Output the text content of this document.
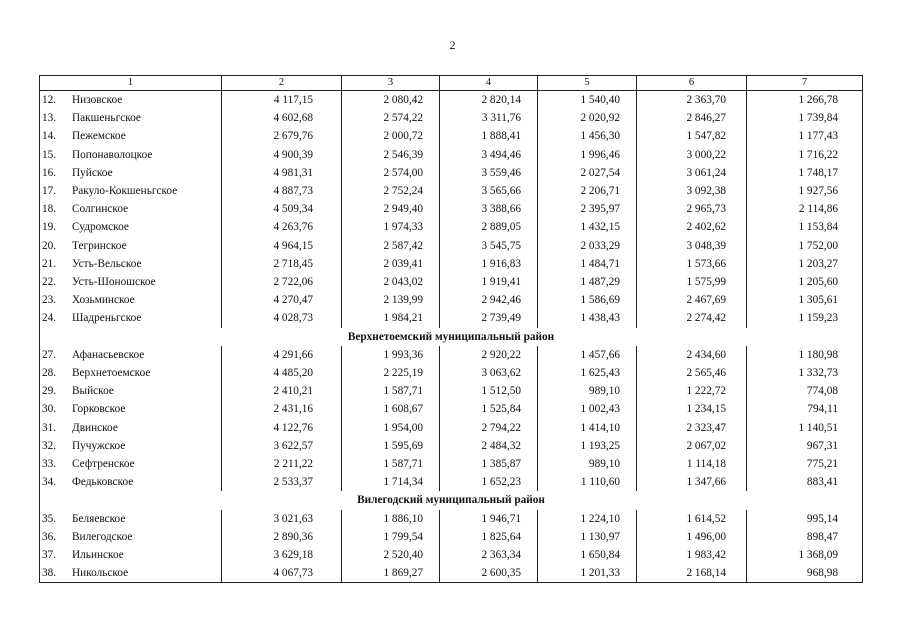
2
1	2	3	4	5	6	7
12. Низовское	4 117,15	2 080,42	2 820,14	1 540,40	2 363,70	1 266,78
13. Пакшеньгское	4 602,68	2 574,22	3 311,76	2 020,92	2 846,27	1 739,84
14. Пежемское	2 679,76	2 000,72	1 888,41	1 456,30	1 547,82	1 177,43
15. Попонаволоцкое	4 900,39	2 546,39	3 494,46	1 996,46	3 000,22	1 716,22
16. Пуйское	4 981,31	2 574,00	3 559,46	2 027,54	3 061,24	1 748,17
17. Ракуло-Кокшеньгское	4 887,73	2 752,24	3 565,66	2 206,71	3 092,38	1 927,56
18. Солгинское	4 509,34	2 949,40	3 388,66	2 395,97	2 965,73	2 114,86
19. Судромское	4 263,76	1 974,33	2 889,05	1 432,15	2 402,62	1 153,84
20. Тегринское	4 964,15	2 587,42	3 545,75	2 033,29	3 048,39	1 752,00
21. Усть-Вельское	2 718,45	2 039,41	1 916,83	1 484,71	1 573,66	1 203,27
22. Усть-Шоношское	2 722,06	2 043,02	1 919,41	1 487,29	1 575,99	1 205,60
23. Хозьминское	4 270,47	2 139,99	2 942,46	1 586,69	2 467,69	1 305,61
24. Шадреньгское	4 028,73	1 984,21	2 739,49	1 438,43	2 274,42	1 159,23
Верхнетоемский муниципальный район						
27. Афанасьевское	4 291,66	1 993,36	2 920,22	1 457,66	2 434,60	1 180,98
28. Верхнетоемское	4 485,20	2 225,19	3 063,62	1 625,43	2 565,46	1 332,73
29. Выйское	2 410,21	1 587,71	1 512,50	989,10	1 222,72	774,08
30. Горковское	2 431,16	1 608,67	1 525,84	1 002,43	1 234,15	794,11
31. Двинское	4 122,76	1 954,00	2 794,22	1 414,10	2 323,47	1 140,51
32. Пучужское	3 622,57	1 595,69	2 484,32	1 193,25	2 067,02	967,31
33. Сефтренское	2 211,22	1 587,71	1 385,87	989,10	1 114,18	775,21
34. Федьковское	2 533,37	1 714,34	1 652,23	1 110,60	1 347,66	883,41
Вилегодский муниципальный район						
35. Беляевское	3 021,63	1 886,10	1 946,71	1 224,10	1 614,52	995,14
36. Вилегодское	2 890,36	1 799,54	1 825,64	1 130,97	1 496,00	898,47
37. Ильинское	3 629,18	2 520,40	2 363,34	1 650,84	1 983,42	1 368,09
38. Никольское	4 067,73	1 869,27	2 600,35	1 201,33	2 168,14	968,98
